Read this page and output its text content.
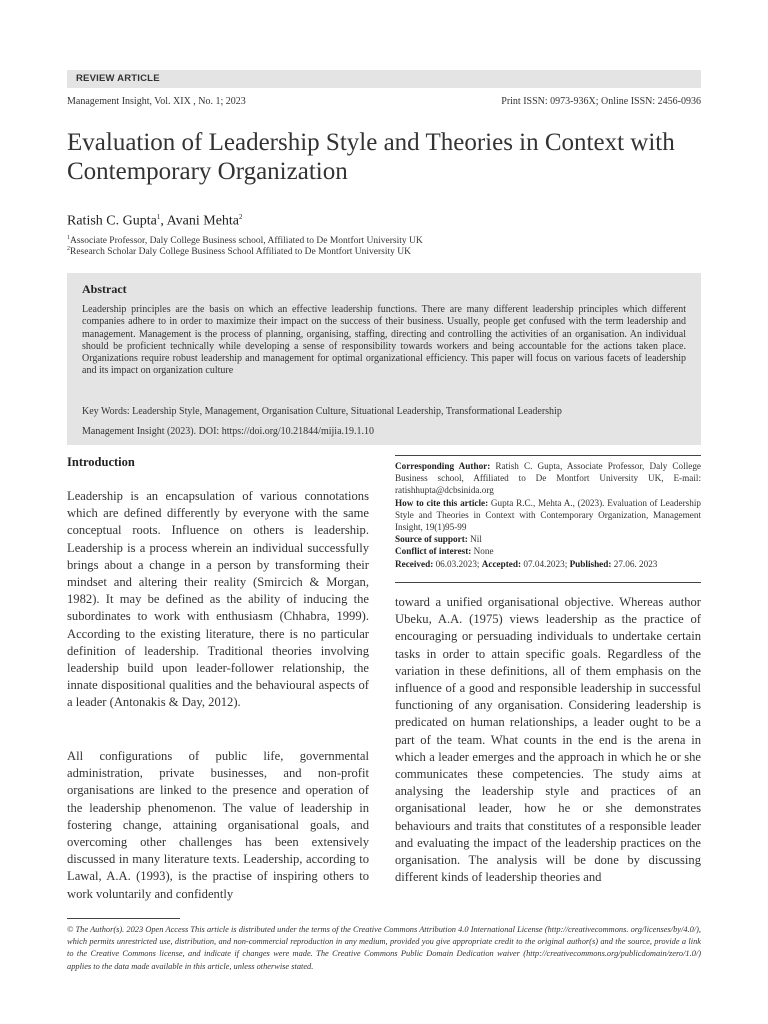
REVIEW ARTICLE
Management Insight, Vol. XIX , No. 1; 2023	Print ISSN: 0973-936X; Online ISSN: 2456-0936
Evaluation of Leadership Style and Theories in Context with Contemporary Organization
Ratish C. Gupta$^1$, Avani Mehta$^2$
$^1$Associate Professor, Daly College Business school, Affiliated to De Montfort University UK
$^2$Research Scholar Daly College Business School Affiliated to De Montfort University UK
Abstract
Leadership principles are the basis on which an effective leadership functions. There are many different leadership principles which different companies adhere to in order to maximize their impact on the success of their business. Usually, people get confused with the term leadership and management. Management is the process of planning, organising, staffing, directing and controlling the activities of an organisation. An individual should be proficient technically while developing a sense of responsibility towards workers and being accountable for the actions taken place. Organizations require robust leadership and management for optimal organizational efficiency. This paper will focus on various facets of leadership and its impact on organization culture
Key Words: Leadership Style, Management, Organisation Culture, Situational Leadership, Transformational Leadership
Management Insight (2023). DOI: https://doi.org/10.21844/mijia.19.1.10
Introduction
Leadership is an encapsulation of various connotations which are defined differently by everyone with the same conceptual roots. Influence on others is leadership. Leadership is a process wherein an individual successfully brings about a change in a person by transforming their mindset and altering their reality (Smircich & Morgan, 1982). It may be defined as the ability of inducing the subordinates to work with enthusiasm (Chhabra, 1999). According to the existing literature, there is no particular definition of leadership. Traditional theories involving leadership build upon leader-follower relationship, the innate dispositional qualities and the behavioural aspects of a leader (Antonakis & Day, 2012).
All configurations of public life, governmental administration, private businesses, and non-profit organisations are linked to the presence and operation of the leadership phenomenon. The value of leadership in fostering change, attaining organisational goals, and overcoming other challenges has been extensively discussed in many literature texts. Leadership, according to Lawal, A.A. (1993), is the practise of inspiring others to work voluntarily and confidently
Corresponding Author: Ratish C. Gupta, Associate Professor, Daly College Business school, Affiliated to De Montfort University UK, E-mail: ratishhupta@dcbsinida.org
How to cite this article: Gupta R.C., Mehta A., (2023). Evaluation of Leadership Style and Theories in Context with Contemporary Organization, Management Insight, 19(1)95-99
Source of support: Nil
Conflict of interest: None
Received: 06.03.2023; Accepted: 07.04.2023; Published: 27.06. 2023
toward a unified organisational objective. Whereas author Ubeku, A.A. (1975) views leadership as the practice of encouraging or persuading individuals to undertake certain tasks in order to attain specific goals. Regardless of the variation in these definitions, all of them emphasis on the influence of a good and responsible leadership in successful functioning of any organisation. Considering leadership is predicated on human relationships, a leader ought to be a part of the team. What counts in the end is the arena in which a leader emerges and the approach in which he or she communicates these competencies. The study aims at analysing the leadership style and practices of an organisational leader, how he or she demonstrates behaviours and traits that constitutes of a responsible leader and evaluating the impact of the leadership practices on the organisation. The analysis will be done by discussing different kinds of leadership theories and
© The Author(s). 2023 Open Access This article is distributed under the terms of the Creative Commons Attribution 4.0 International License (http://creativecommons. org/licenses/by/4.0/), which permits unrestricted use, distribution, and non-commercial reproduction in any medium, provided you give appropriate credit to the original author(s) and the source, provide a link to the Creative Commons license, and indicate if changes were made. The Creative Commons Public Domain Dedication waiver (http://creativecommons.org/publicdomain/zero/1.0/) applies to the data made available in this article, unless otherwise stated.
